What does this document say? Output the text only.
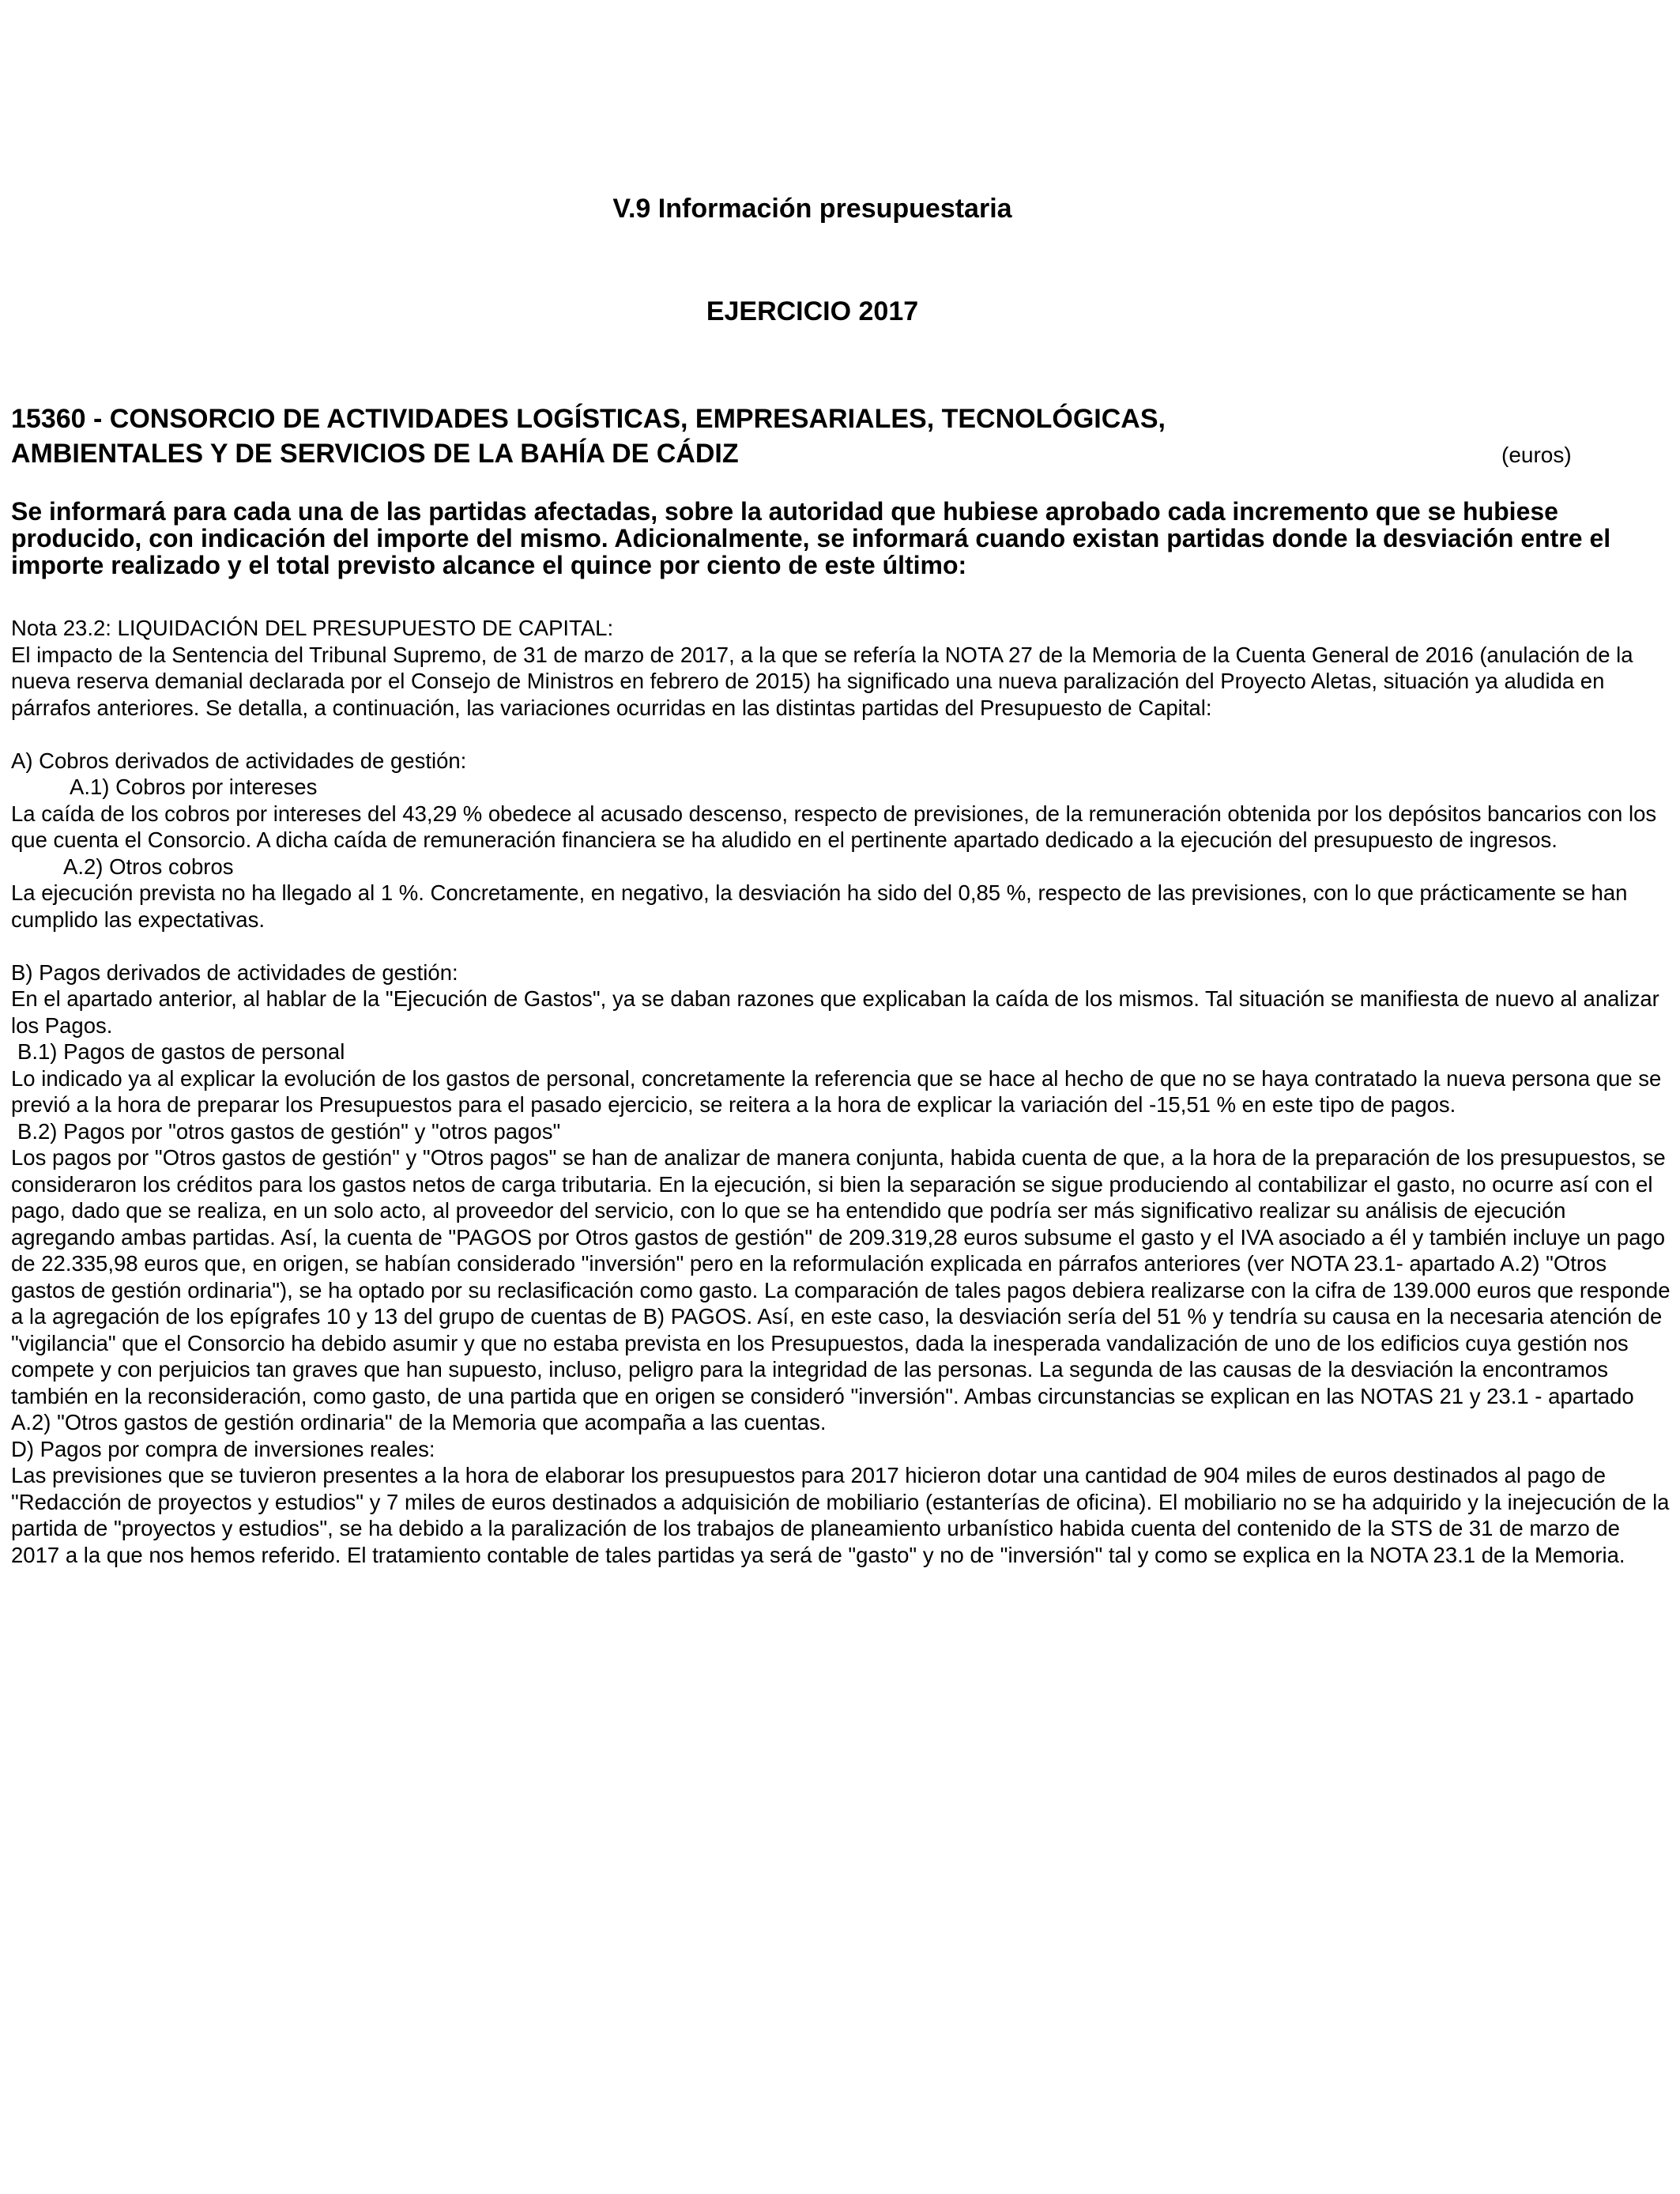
V.9 Información presupuestaria
EJERCICIO 2017
15360 - CONSORCIO DE ACTIVIDADES LOGÍSTICAS, EMPRESARIALES, TECNOLÓGICAS,
AMBIENTALES Y DE SERVICIOS DE LA BAHÍA DE CÁDIZ	(euros)

Se informará para cada una de las partidas afectadas, sobre la autoridad que hubiese aprobado cada incremento que se hubiese producido, con indicación del importe del mismo. Adicionalmente, se informará cuando existan partidas donde la desviación entre el importe realizado y el total previsto alcance el quince por ciento de este último:

Nota 23.2: LIQUIDACIÓN DEL PRESUPUESTO DE CAPITAL:

El impacto de la Sentencia del Tribunal Supremo, de 31 de marzo de 2017, a la que se refería la NOTA 27 de la Memoria de la Cuenta General de 2016 (anulación de la nueva reserva demanial declarada por el Consejo de Ministros en febrero de 2015) ha significado una nueva paralización del Proyecto Aletas, situación ya aludida en párrafos anteriores. Se detalla, a continuación, las variaciones ocurridas en las distintas partidas del Presupuesto de Capital:

A) Cobros derivados de actividades de gestión:

A.1) Cobros por intereses

La caída de los cobros por intereses del 43,29 % obedece al acusado descenso, respecto de previsiones, de la remuneración obtenida por los depósitos bancarios con los que cuenta el Consorcio. A dicha caída de remuneración financiera se ha aludido en el pertinente apartado dedicado a la ejecución del presupuesto de ingresos.

A.2) Otros cobros

La ejecución prevista no ha llegado al 1 %. Concretamente, en negativo, la desviación ha sido del 0,85 %, respecto de las previsiones, con lo que prácticamente se han cumplido las expectativas.

B) Pagos derivados de actividades de gestión:

En el apartado anterior, al hablar de la "Ejecución de Gastos", ya se daban razones que explicaban la caída de los mismos. Tal situación se manifiesta de nuevo al analizar los Pagos.

B.1) Pagos de gastos de personal

Lo indicado ya al explicar la evolución de los gastos de personal, concretamente la referencia que se hace al hecho de que no se haya contratado la nueva persona que se previó a la hora de preparar los Presupuestos para el pasado ejercicio, se reitera a la hora de explicar la variación del -15,51 % en este tipo de pagos.

B.2) Pagos por "otros gastos de gestión" y "otros pagos"

Los pagos por "Otros gastos de gestión" y "Otros pagos" se han de analizar de manera conjunta, habida cuenta de que, a la hora de la preparación de los presupuestos, se consideraron los créditos para los gastos netos de carga tributaria. En la ejecución, si bien la separación se sigue produciendo al contabilizar el gasto, no ocurre así con el pago, dado que se realiza, en un solo acto, al proveedor del servicio, con lo que se ha entendido que podría ser más significativo realizar su análisis de ejecución agregando ambas partidas. Así, la cuenta de "PAGOS por Otros gastos de gestión" de 209.319,28 euros subsume el gasto y el IVA asociado a él y también incluye un pago de 22.335,98 euros que, en origen, se habían considerado "inversión" pero en la reformulación explicada en párrafos anteriores (ver NOTA 23.1- apartado A.2) "Otros gastos de gestión ordinaria"), se ha optado por su reclasificación como gasto. La comparación de tales pagos debiera realizarse con la cifra de 139.000 euros que responde a la agregación de los epígrafes 10 y 13 del grupo de cuentas de B) PAGOS. Así, en este caso, la desviación sería del 51 % y tendría su causa en la necesaria atención de "vigilancia" que el Consorcio ha debido asumir y que no estaba prevista en los Presupuestos, dada la inesperada vandalización de uno de los edificios cuya gestión nos compete y con perjuicios tan graves que han supuesto, incluso, peligro para la integridad de las personas. La segunda de las causas de la desviación la encontramos también en la reconsideración, como gasto, de una partida que en origen se consideró "inversión". Ambas circunstancias se explican en las NOTAS 21 y 23.1 - apartado A.2) "Otros gastos de gestión ordinaria" de la Memoria que acompaña a las cuentas.

D) Pagos por compra de inversiones reales:

Las previsiones que se tuvieron presentes a la hora de elaborar los presupuestos para 2017 hicieron dotar una cantidad de 904 miles de euros destinados al pago de "Redacción de proyectos y estudios" y 7 miles de euros destinados a adquisición de mobiliario (estanterías de oficina). El mobiliario no se ha adquirido y la inejecución de la partida de "proyectos y estudios", se ha debido a la paralización de los trabajos de planeamiento urbanístico habida cuenta del contenido de la STS de 31 de marzo de 2017 a la que nos hemos referido. El tratamiento contable de tales partidas ya será de "gasto" y no de "inversión" tal y como se explica en la NOTA 23.1 de la Memoria.
